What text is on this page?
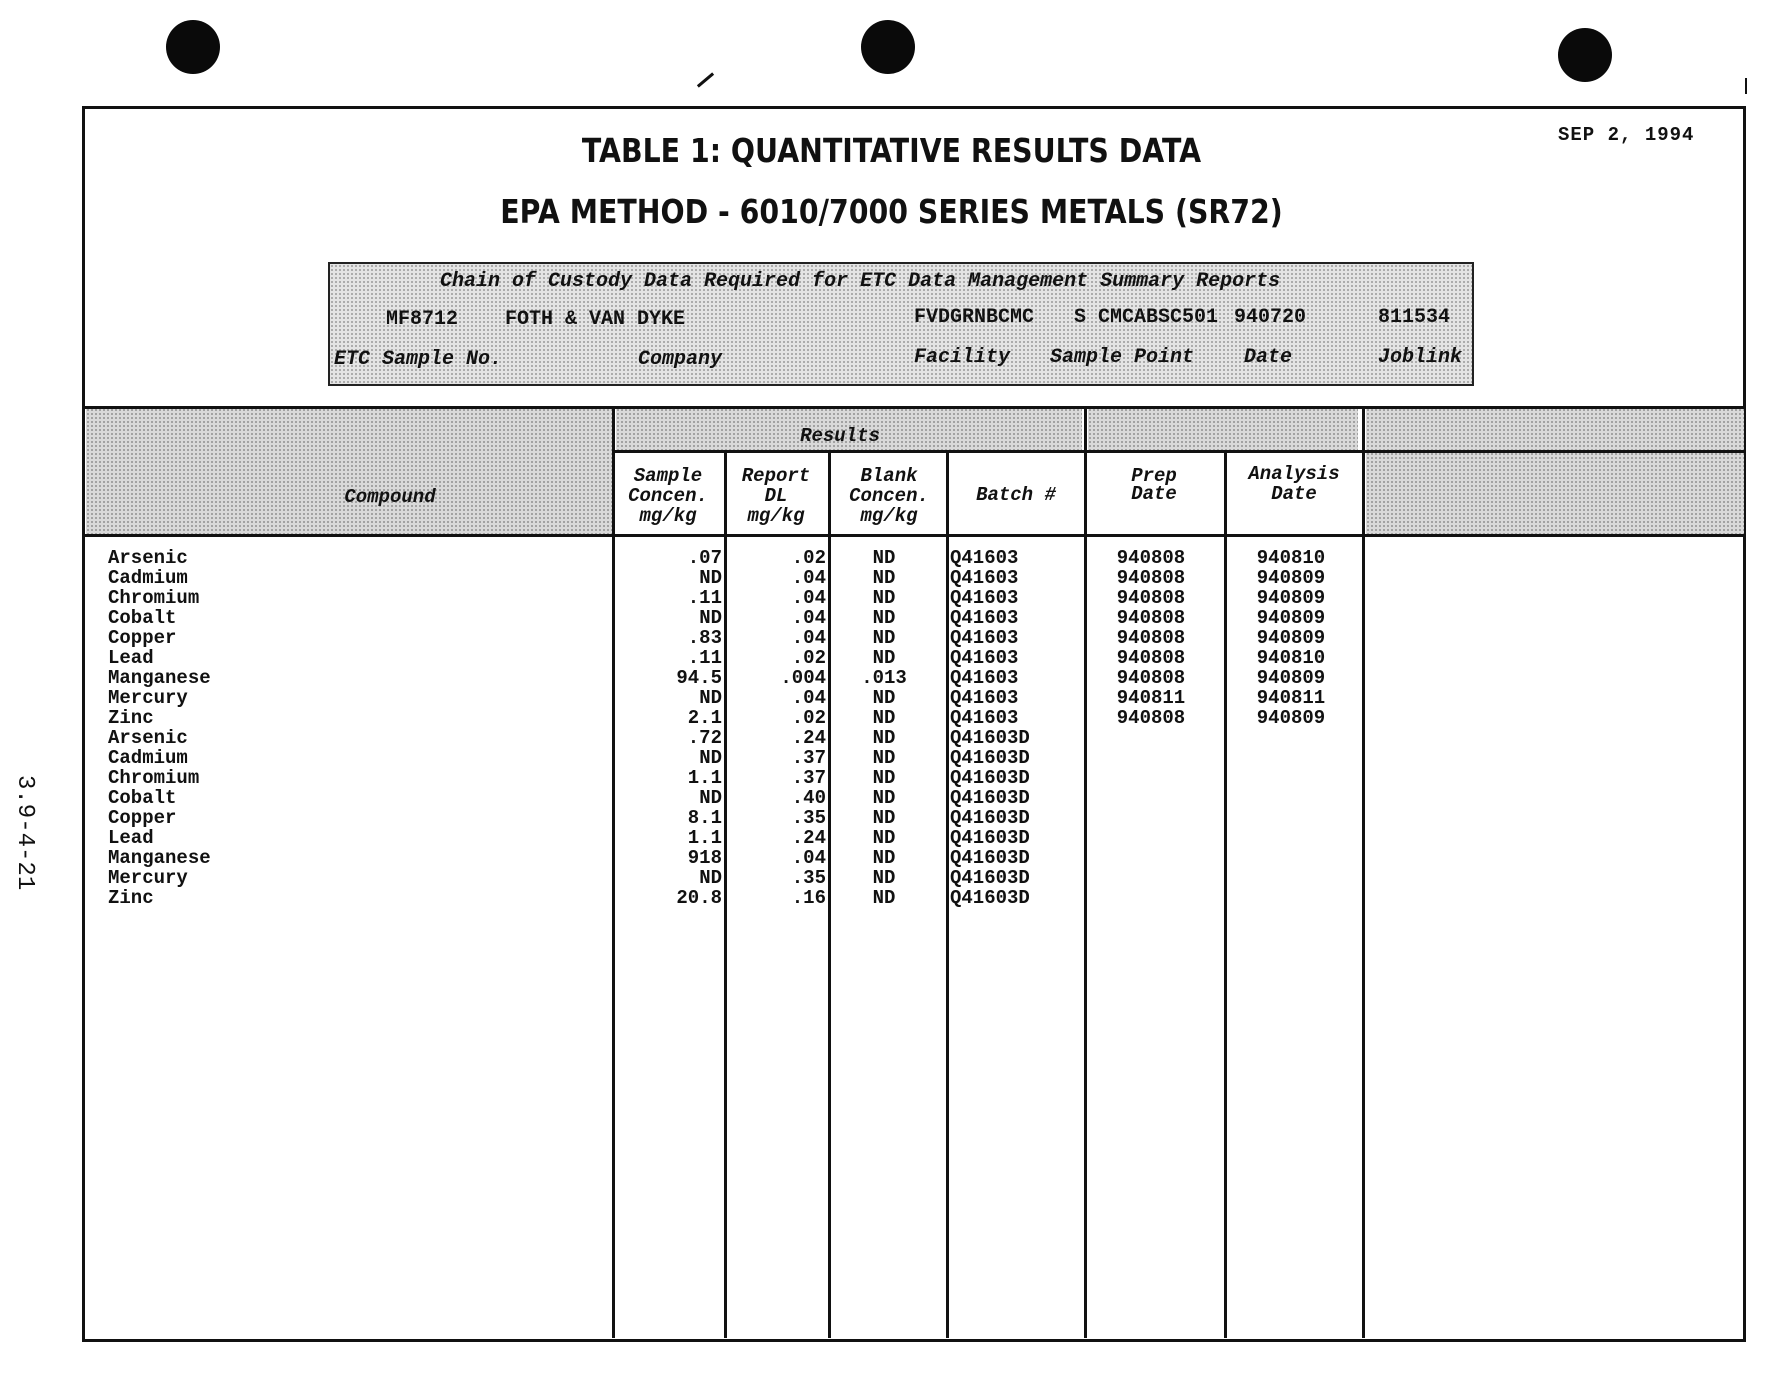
SEP 2, 1994
TABLE 1: QUANTITATIVE RESULTS DATA
EPA METHOD - 6010/7000 SERIES METALS (SR72)
3.9-4-21
Chain of Custody Data Required for ETC Data Management Summary Reports
MF8712 FOTH & VAN DYKE	FVDGRNBCMC S CMCABSC501 940720	811534
ETC Sample No.	Company	Facility Sample Point Date	Joblink
Results
Compound
Sample
Concen.
mg/kg
Report
DL
mg/kg
Blank
Concen.
mg/kg
Batch #
Prep
Date
Analysis
Date
Arsenic	.07	.02	ND	Q41603	940808	940810
Cadmium	ND	.04	ND	Q41603	940808	940809
Chromium	.11	.04	ND	Q41603	940808	940809
Cobalt	ND	.04	ND	Q41603	940808	940809
Copper	.83	.04	ND	Q41603	940808	940809
Lead	.11	.02	ND	Q41603	940808	940810
Manganese	94.5	.004	.013	Q41603	940808	940809
Mercury	ND	.04	ND	Q41603	940811	940811
Zinc	2.1	.02	ND	Q41603	940808	940809
Arsenic	.72	.24	ND	Q41603D
Cadmium	ND	.37	ND	Q41603D
Chromium	1.1	.37	ND	Q41603D
Cobalt	ND	.40	ND	Q41603D
Copper	8.1	.35	ND	Q41603D
Lead	1.1	.24	ND	Q41603D
Manganese	918	.04	ND	Q41603D
Mercury	ND	.35	ND	Q41603D
Zinc	20.8	.16	ND	Q41603D
